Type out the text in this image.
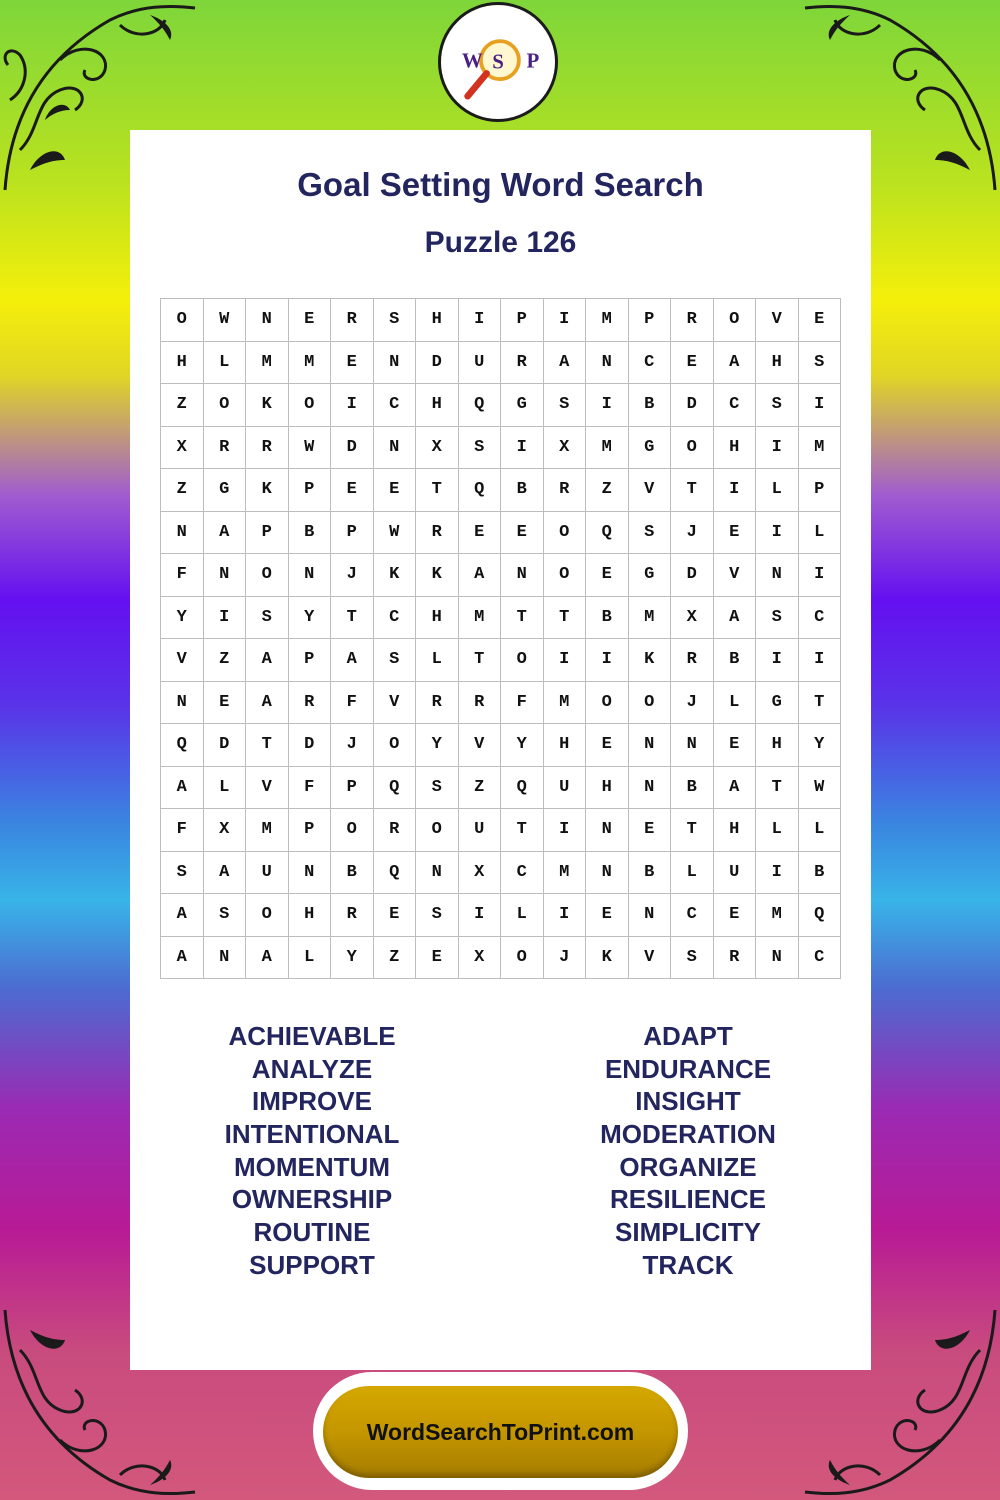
W S P
Goal Setting Word Search
Puzzle 126
O	W	N	E	R	S	H	I	P	I	M	P	R	O	V	E
H	L	M	M	E	N	D	U	R	A	N	C	E	A	H	S
Z	O	K	O	I	C	H	Q	G	S	I	B	D	C	S	I
X	R	R	W	D	N	X	S	I	X	M	G	O	H	I	M
Z	G	K	P	E	E	T	Q	B	R	Z	V	T	I	L	P
N	A	P	B	P	W	R	E	E	O	Q	S	J	E	I	L
F	N	O	N	J	K	K	A	N	O	E	G	D	V	N	I
Y	I	S	Y	T	C	H	M	T	T	B	M	X	A	S	C
V	Z	A	P	A	S	L	T	O	I	I	K	R	B	I	I
N	E	A	R	F	V	R	R	F	M	O	O	J	L	G	T
Q	D	T	D	J	O	Y	V	Y	H	E	N	N	E	H	Y
A	L	V	F	P	Q	S	Z	Q	U	H	N	B	A	T	W
F	X	M	P	O	R	O	U	T	I	N	E	T	H	L	L
S	A	U	N	B	Q	N	X	C	M	N	B	L	U	I	B
A	S	O	H	R	E	S	I	L	I	E	N	C	E	M	Q
A	N	A	L	Y	Z	E	X	O	J	K	V	S	R	N	C
ACHIEVABLE
ANALYZE
IMPROVE
INTENTIONAL
MOMENTUM
OWNERSHIP
ROUTINE
SUPPORT
ADAPT
ENDURANCE
INSIGHT
MODERATION
ORGANIZE
RESILIENCE
SIMPLICITY
TRACK
WordSearchToPrint.com
